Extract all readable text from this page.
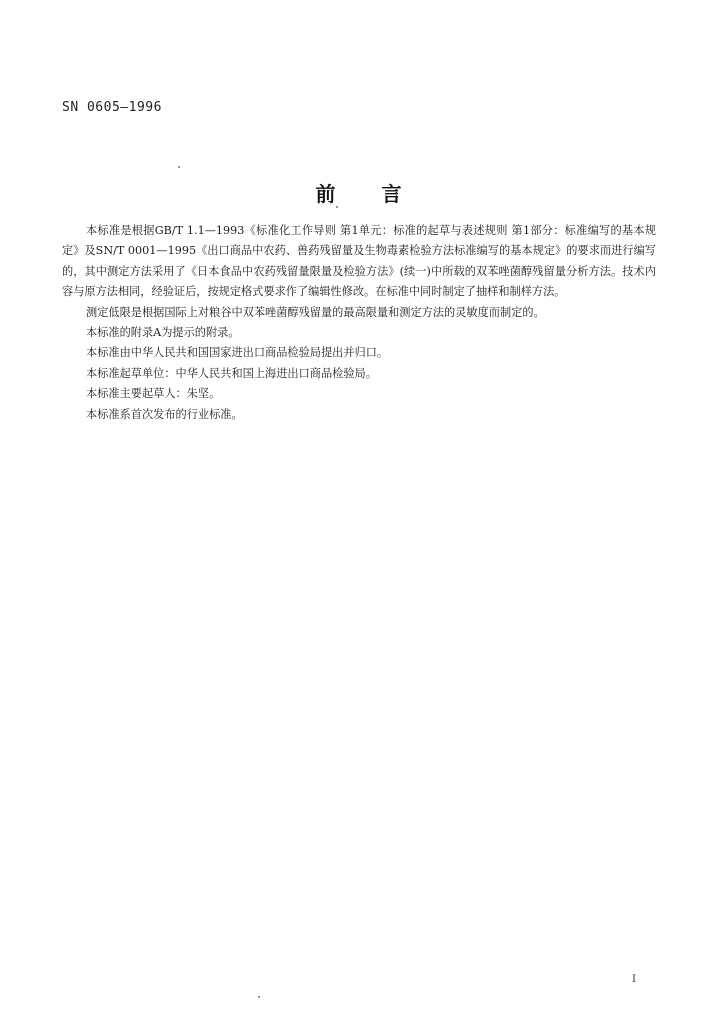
SN 0605—1996
前言

本标准是根据GB/T 1.1—1993《标准化工作导则 第1单元：标准的起草与表述规则 第1部分：标准编写的基本规定》及SN/T 0001—1995《出口商品中农药、兽药残留量及生物毒素检验方法标准编写的基本规定》的要求而进行编写的，其中测定方法采用了《日本食品中农药残留量限量及检验方法》(续一)中所载的双苯唑菌醇残留量分析方法。技术内容与原方法相同，经验证后，按规定格式要求作了编辑性修改。在标准中同时制定了抽样和制样方法。

测定低限是根据国际上对粮谷中双苯唑菌醇残留量的最高限量和测定方法的灵敏度而制定的。

本标准的附录A为提示的附录。

本标准由中华人民共和国国家进出口商品检验局提出并归口。

本标准起草单位：中华人民共和国上海进出口商品检验局。

本标准主要起草人：朱坚。

本标准系首次发布的行业标准。

I
